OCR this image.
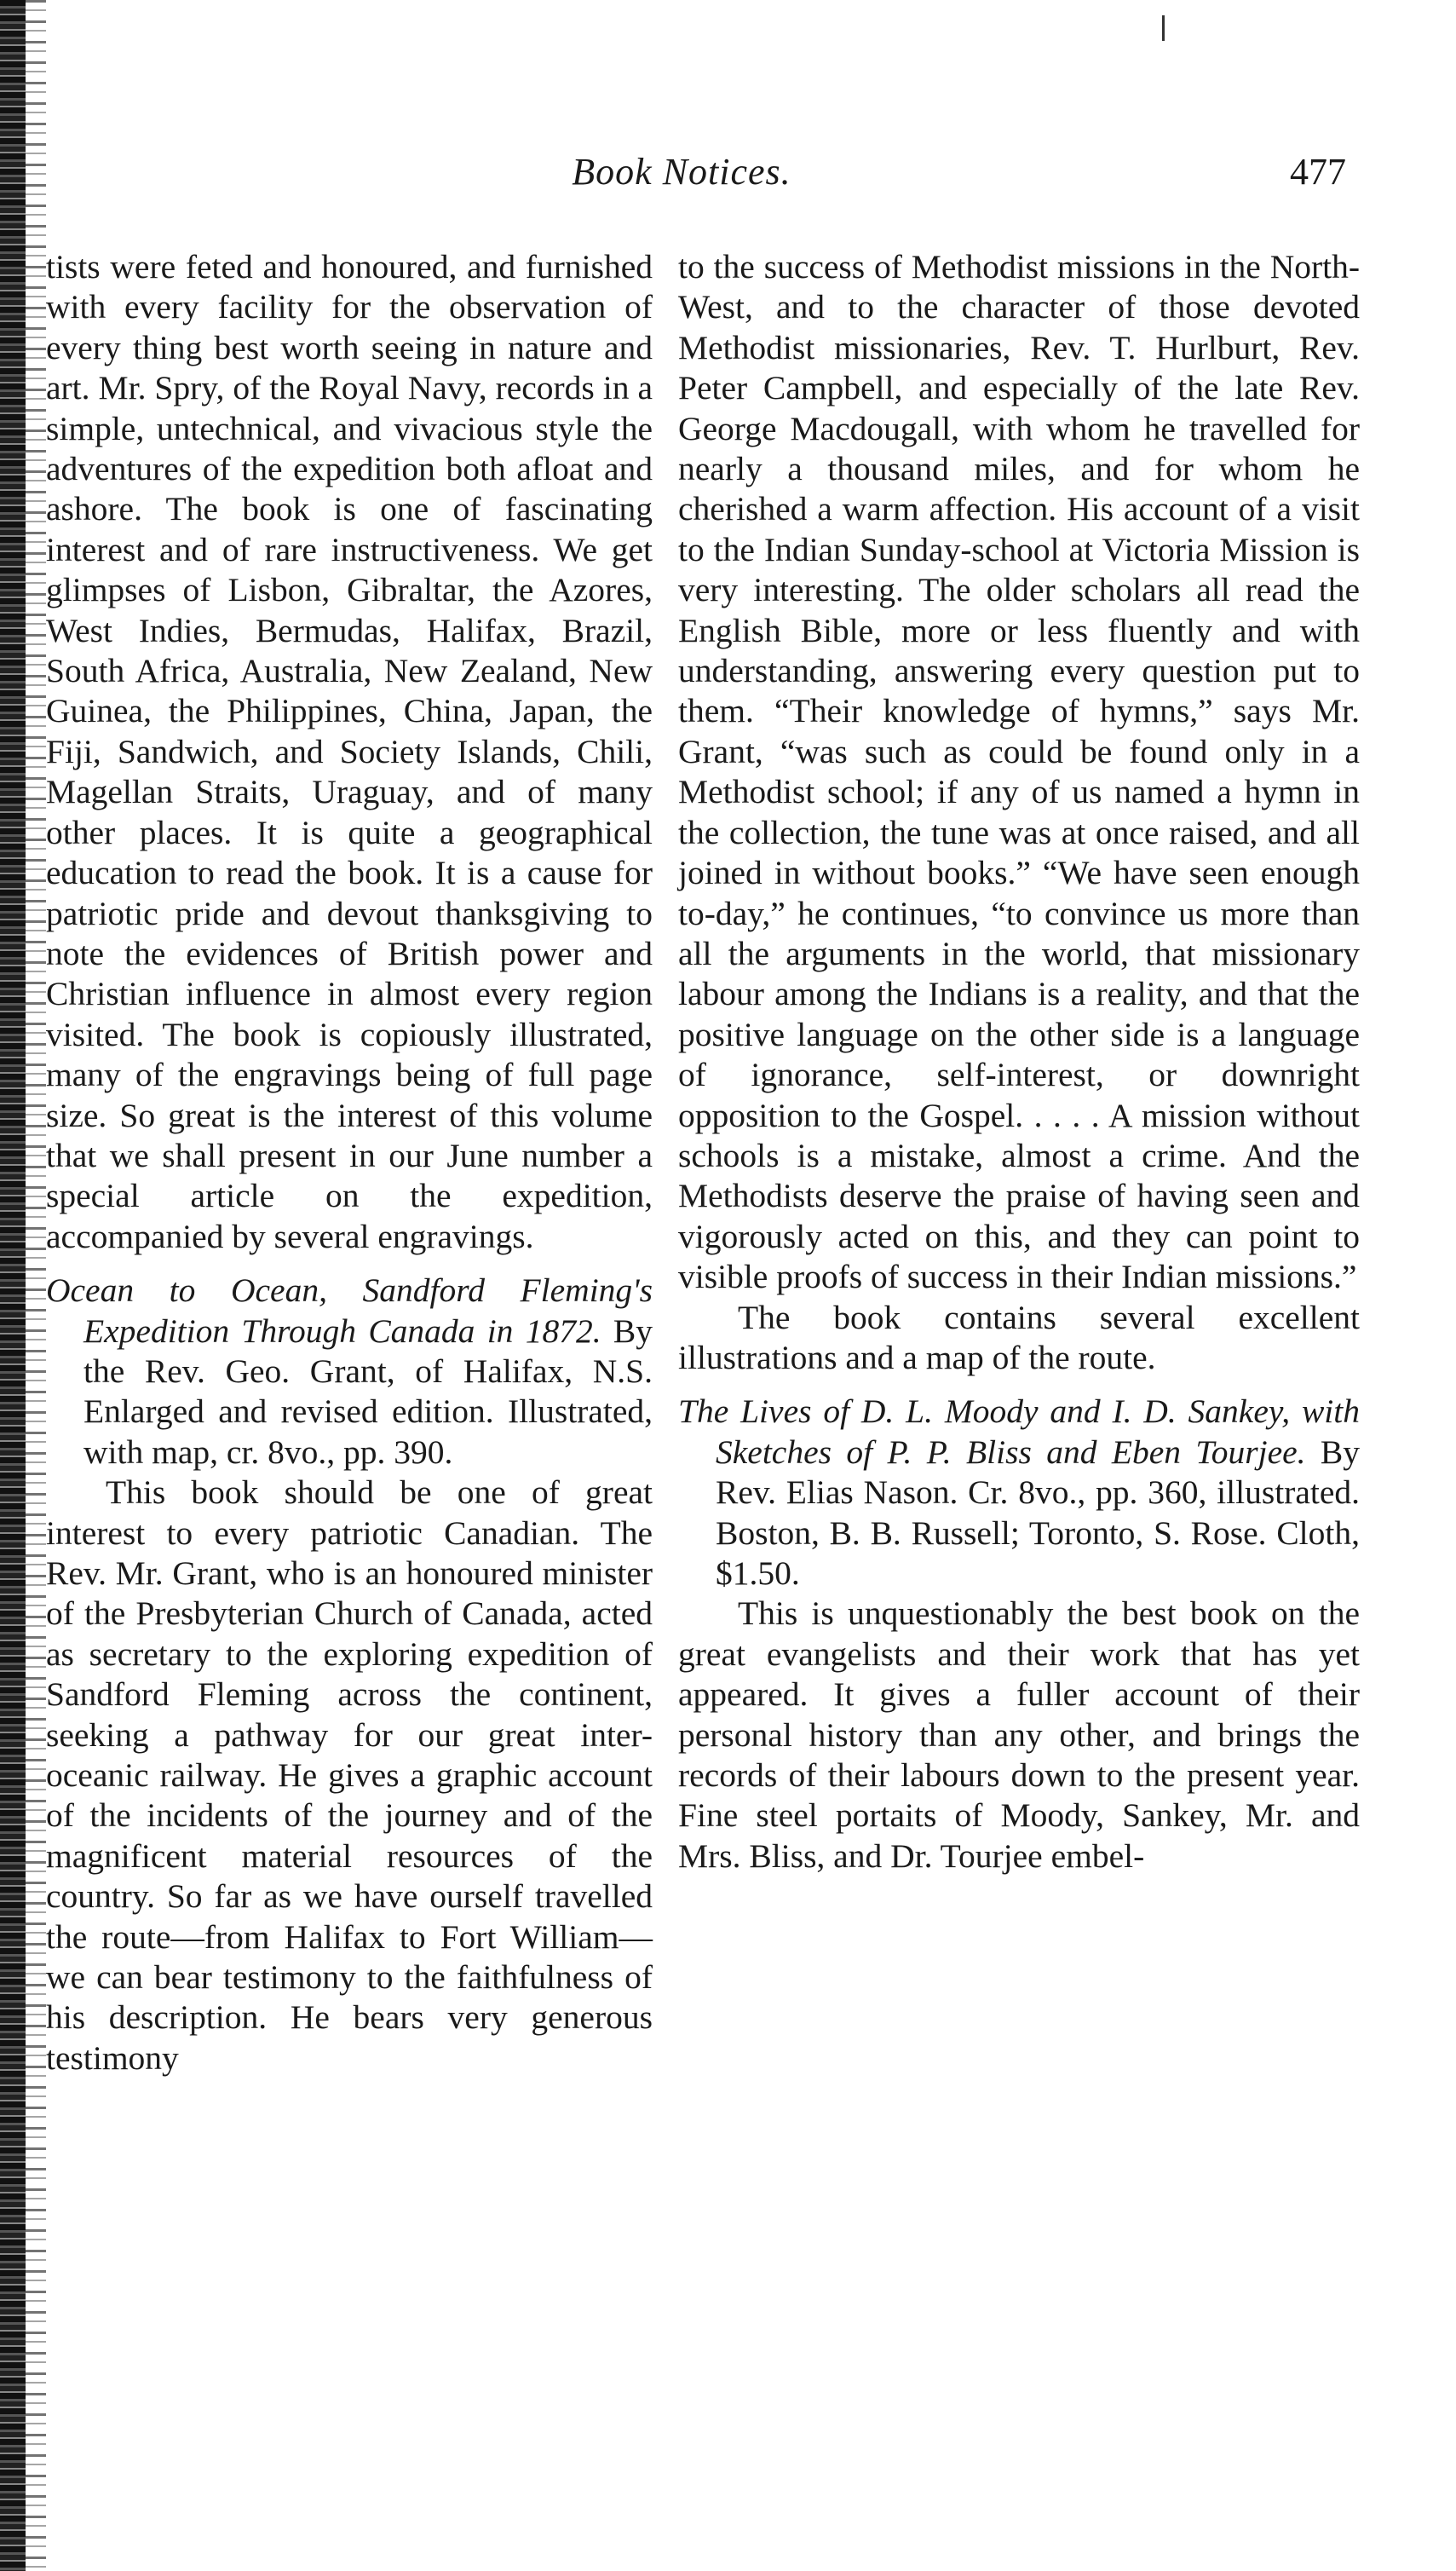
Book Notices.	477

tists were feted and honoured, and furnished with every facility for the observation of every thing best worth seeing in nature and art. Mr. Spry, of the Royal Navy, records in a simple, untechnical, and vivacious style the adventures of the expedition both afloat and ashore. The book is one of fascinating interest and of rare instructiveness. We get glimpses of Lisbon, Gibraltar, the Azores, West Indies, Bermudas, Halifax, Brazil, South Africa, Australia, New Zealand, New Guinea, the Philippines, China, Japan, the Fiji, Sandwich, and Society Islands, Chili, Magellan Straits, Uraguay, and of many other places. It is quite a geographical education to read the book. It is a cause for patriotic pride and devout thanksgiving to note the evidences of British power and Christian influence in almost every region visited. The book is copiously illustrated, many of the engravings being of full page size. So great is the interest of this volume that we shall present in our June number a special article on the expedition, accompanied by several engravings.

Ocean to Ocean, Sandford Fleming's Expedition Through Canada in 1872. By the Rev. Geo. Grant, of Halifax, N.S. Enlarged and revised edition. Illustrated, with map, cr. 8vo., pp. 390.

This book should be one of great interest to every patriotic Canadian. The Rev. Mr. Grant, who is an honoured minister of the Presbyterian Church of Canada, acted as secretary to the exploring expedition of Sandford Fleming across the continent, seeking a pathway for our great inter-oceanic railway. He gives a graphic account of the incidents of the journey and of the magnificent material resources of the country. So far as we have ourself travelled the route—from Halifax to Fort William—we can bear testimony to the faithfulness of his description. He bears very generous testimony

to the success of Methodist missions in the North-West, and to the character of those devoted Methodist missionaries, Rev. T. Hurlburt, Rev. Peter Campbell, and especially of the late Rev. George Macdougall, with whom he travelled for nearly a thousand miles, and for whom he cherished a warm affection. His account of a visit to the Indian Sunday-school at Victoria Mission is very interesting. The older scholars all read the English Bible, more or less fluently and with understanding, answering every question put to them. “Their knowledge of hymns,” says Mr. Grant, “was such as could be found only in a Methodist school; if any of us named a hymn in the collection, the tune was at once raised, and all joined in without books.” “We have seen enough to-day,” he continues, “to convince us more than all the arguments in the world, that missionary labour among the Indians is a reality, and that the positive language on the other side is a language of ignorance, self-interest, or downright opposition to the Gospel. . . . . A mission without schools is a mistake, almost a crime. And the Methodists deserve the praise of having seen and vigorously acted on this, and they can point to visible proofs of success in their Indian missions.”

The book contains several excellent illustrations and a map of the route.

The Lives of D. L. Moody and I. D. Sankey, with Sketches of P. P. Bliss and Eben Tourjee. By Rev. Elias Nason. Cr. 8vo., pp. 360, illustrated. Boston, B. B. Russell; Toronto, S. Rose. Cloth, $1.50.

This is unquestionably the best book on the great evangelists and their work that has yet appeared. It gives a fuller account of their personal history than any other, and brings the records of their labours down to the present year. Fine steel portaits of Moody, Sankey, Mr. and Mrs. Bliss, and Dr. Tourjee embel-
